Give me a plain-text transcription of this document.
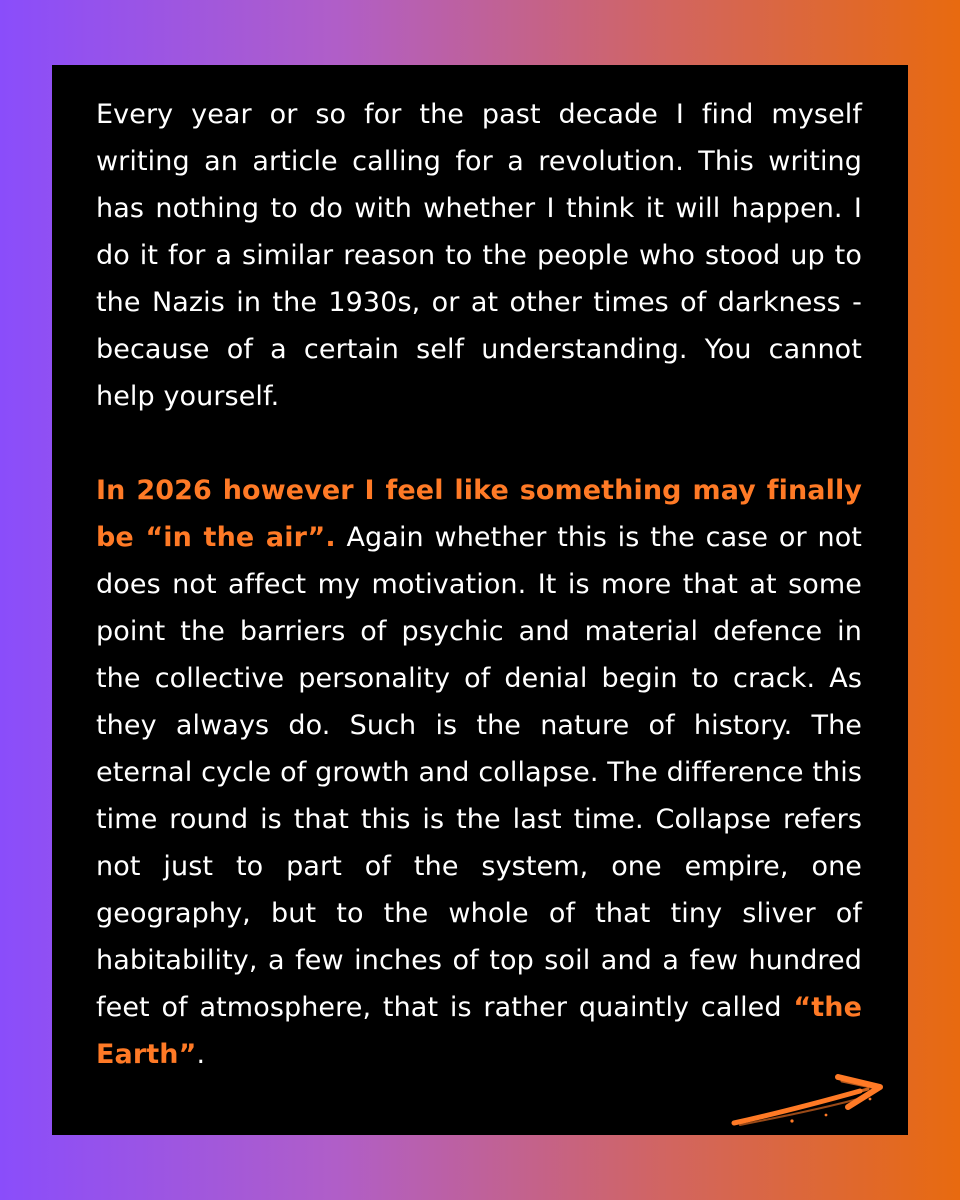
Every year or so for the past decade I find myself writing an article calling for a revolution. This writing has nothing to do with whether I think it will happen. I do it for a similar reason to the people who stood up to the Nazis in the 1930s, or at other times of darkness - because of a certain self understanding. You cannot help yourself.

In 2026 however I feel like something may finally be “in the air”. Again whether this is the case or not does not affect my motivation. It is more that at some point the barriers of psychic and material defence in the collective personality of denial begin to crack. As they always do. Such is the nature of history. The eternal cycle of growth and collapse. The difference this time round is that this is the last time. Collapse refers not just to part of the system, one empire, one geography, but to the whole of that tiny sliver of habitability, a few inches of top soil and a few hundred feet of atmosphere, that is rather quaintly called “the Earth”.
